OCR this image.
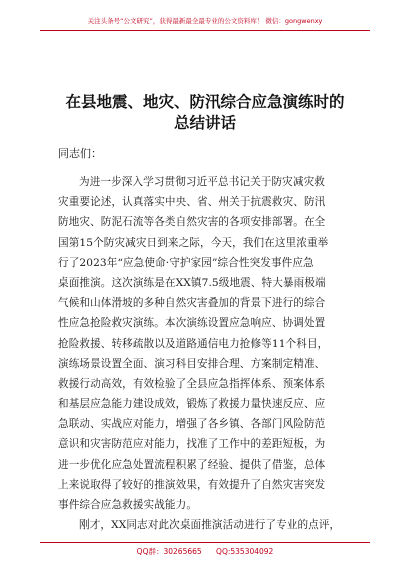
关注头条号“公文研究”，获得最新最全最专业的公文资料库！ 微信：gongwenxy
在县地震、地灾、防汛综合应急演练时的
总结讲话
同志们：
为进一步深入学习贯彻习近平总书记关于防灾减灾救
灾重要论述，认真落实中央、省、州关于抗震救灾、防汛
防地灾、防泥石流等各类自然灾害的各项安排部署。在全
国第15个防灾减灾日到来之际，今天，我们在这里浓重举
行了2023年“应急使命·守护家园”综合性突发事件应急
桌面推演。这次演练是在XX镇7.5级地震、特大暴雨极端
气候和山体滑坡的多种自然灾害叠加的背景下进行的综合
性应急抢险救灾演练。本次演练设置应急响应、协调处置
抢险救援、转移疏散以及道路通信电力抢修等11个科目，
演练场景设置全面、演习科目安排合理、方案制定精准、
救援行动高效，有效检验了全县应急指挥体系、预案体系
和基层应急能力建设成效，锻炼了救援力量快速反应、应
急联动、实战应对能力，增强了各乡镇、各部门风险防范
意识和灾害防范应对能力，找准了工作中的差距短板，为
进一步优化应急处置流程积累了经验、提供了借鉴，总体
上来说取得了较好的推演效果，有效提升了自然灾害突发
事件综合应急救援实战能力。
刚才，XX同志对此次桌面推演活动进行了专业的点评，
QQ群：30265665 QQ:535304092
